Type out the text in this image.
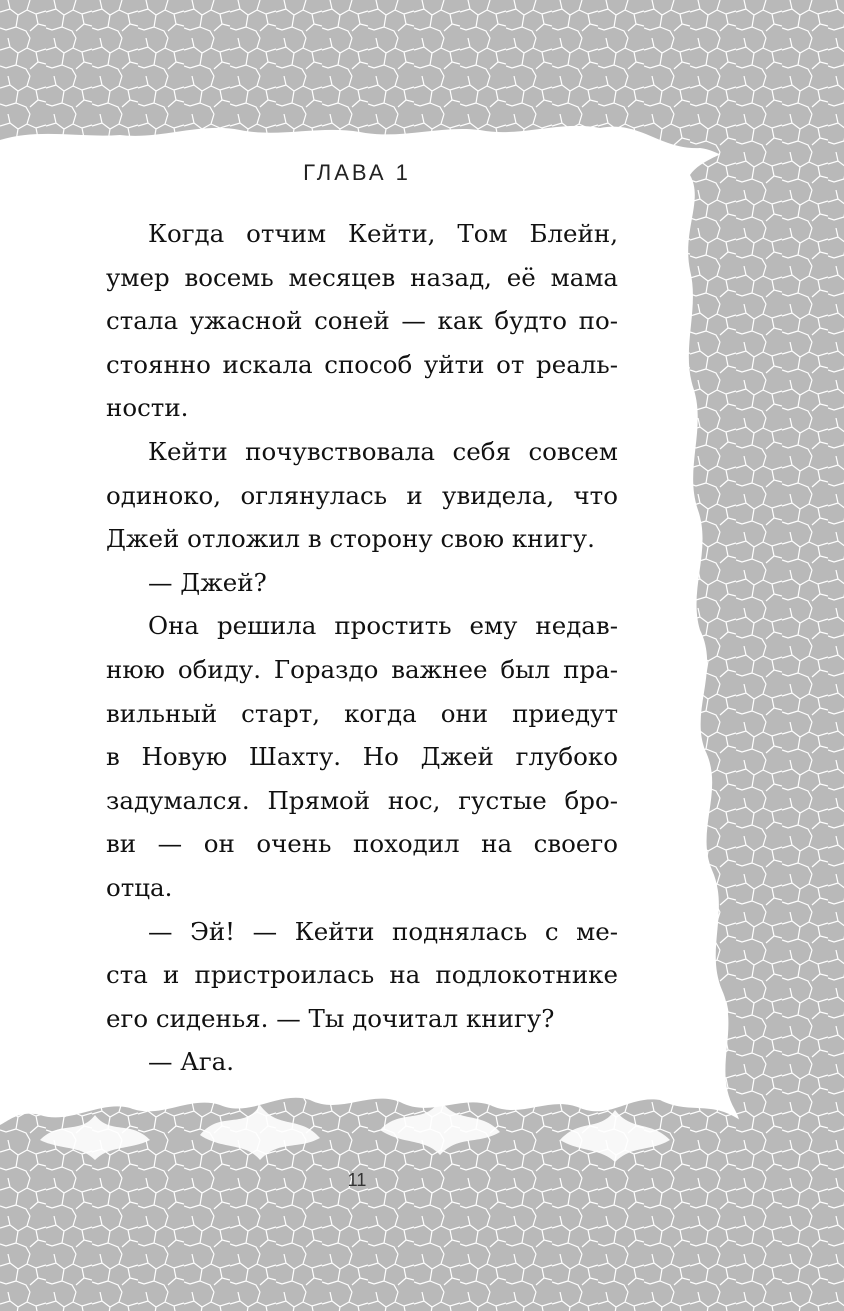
ГЛАВА 1
Когда отчим Кейти, Том Блейн,
умер восемь месяцев назад, её мама
стала ужасной соней — как будто по-
стоянно искала способ уйти от реаль-
ности.
Кейти почувствовала себя совсем
одиноко, оглянулась и увидела, что
Джей отложил в сторону свою книгу.
— Джей?
Она решила простить ему недав-
нюю обиду. Гораздо важнее был пра-
вильный старт, когда они приедут
в Новую Шахту. Но Джей глубоко
задумался. Прямой нос, густые бро-
ви — он очень походил на своего
отца.
— Эй! — Кейти поднялась с ме-
ста и пристроилась на подлокотнике
его сиденья. — Ты дочитал книгу?
— Ага.
11
